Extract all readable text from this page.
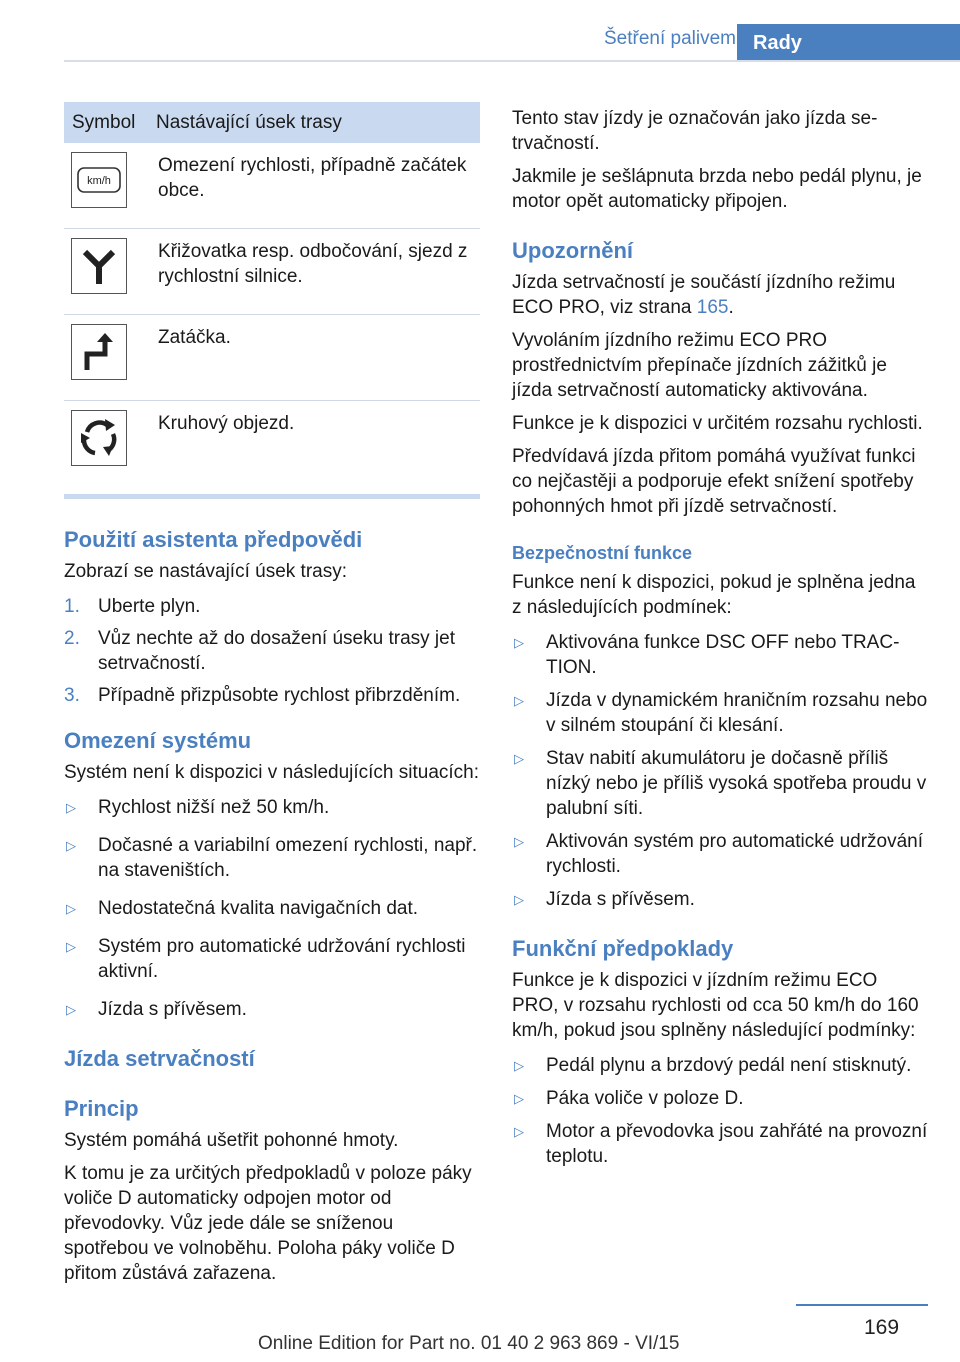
Šetření palivem Rady
Symbol	Nastávající úsek trasy

km/h	Omezení rychlosti, případně začátek obce.

	Křižovatka resp. odbočování, sjezd z rychlostní silnice.

	Zatáčka.

	Kruhový objezd.
Použití asistenta předpovědi

Zobrazí se nastávající úsek trasy:

1. Uberte plyn.
2. Vůz nechte až do dosažení úseku trasy jet setrvačností.
3. Případně přizpůsobte rychlost přibrzděním.
Omezení systému

Systém není k dispozici v následujících situacích:

▷ Rychlost nižší než 50 km/h.
▷ Dočasné a variabilní omezení rychlosti, např. na staveništích.
▷ Nedostatečná kvalita navigačních dat.
▷ Systém pro automatické udržování rychlosti aktivní.
▷ Jízda s přívěsem.
Jízda setrvačností
Princip

Systém pomáhá ušetřit pohonné hmoty.

K tomu je za určitých předpokladů v poloze páky voliče D automaticky odpojen motor od převodovky. Vůz jede dále se sníženou spotřebou ve volnoběhu. Poloha páky voliče D přitom zůstává zařazena.

Tento stav jízdy je označován jako jízda setrvačností.

Jakmile je sešlápnuta brzda nebo pedál plynu, je motor opět automaticky připojen.

Upozornění

Jízda setrvačností je součástí jízdního režimu ECO PRO, viz strana 165.

Vyvoláním jízdního režimu ECO PRO prostřednictvím přepínače jízdních zážitků je jízda setrvačností automaticky aktivována.

Funkce je k dispozici v určitém rozsahu rychlosti.

Předvídavá jízda přitom pomáhá využívat funkci co nejčastěji a podporuje efekt snížení spotřeby pohonných hmot při jízdě setrvačností.

Bezpečnostní funkce

Funkce není k dispozici, pokud je splněna jedna z následujících podmínek:

▷ Aktivována funkce DSC OFF nebo TRACTION.
▷ Jízda v dynamickém hraničním rozsahu nebo v silném stoupání či klesání.
▷ Stav nabití akumulátoru je dočasně příliš nízký nebo je příliš vysoká spotřeba proudu v palubní síti.
▷ Aktivován systém pro automatické udržování rychlosti.
▷ Jízda s přívěsem.
Funkční předpoklady

Funkce je k dispozici v jízdním režimu ECO PRO, v rozsahu rychlosti od cca 50 km/h do 160 km/h, pokud jsou splněny následující podmínky:

▷ Pedál plynu a brzdový pedál není stisknutý.
▷ Páka voliče v poloze D.
▷ Motor a převodovka jsou zahřáté na provozní teplotu.
169
Online Edition for Part no. 01 40 2 963 869 - VI/15
